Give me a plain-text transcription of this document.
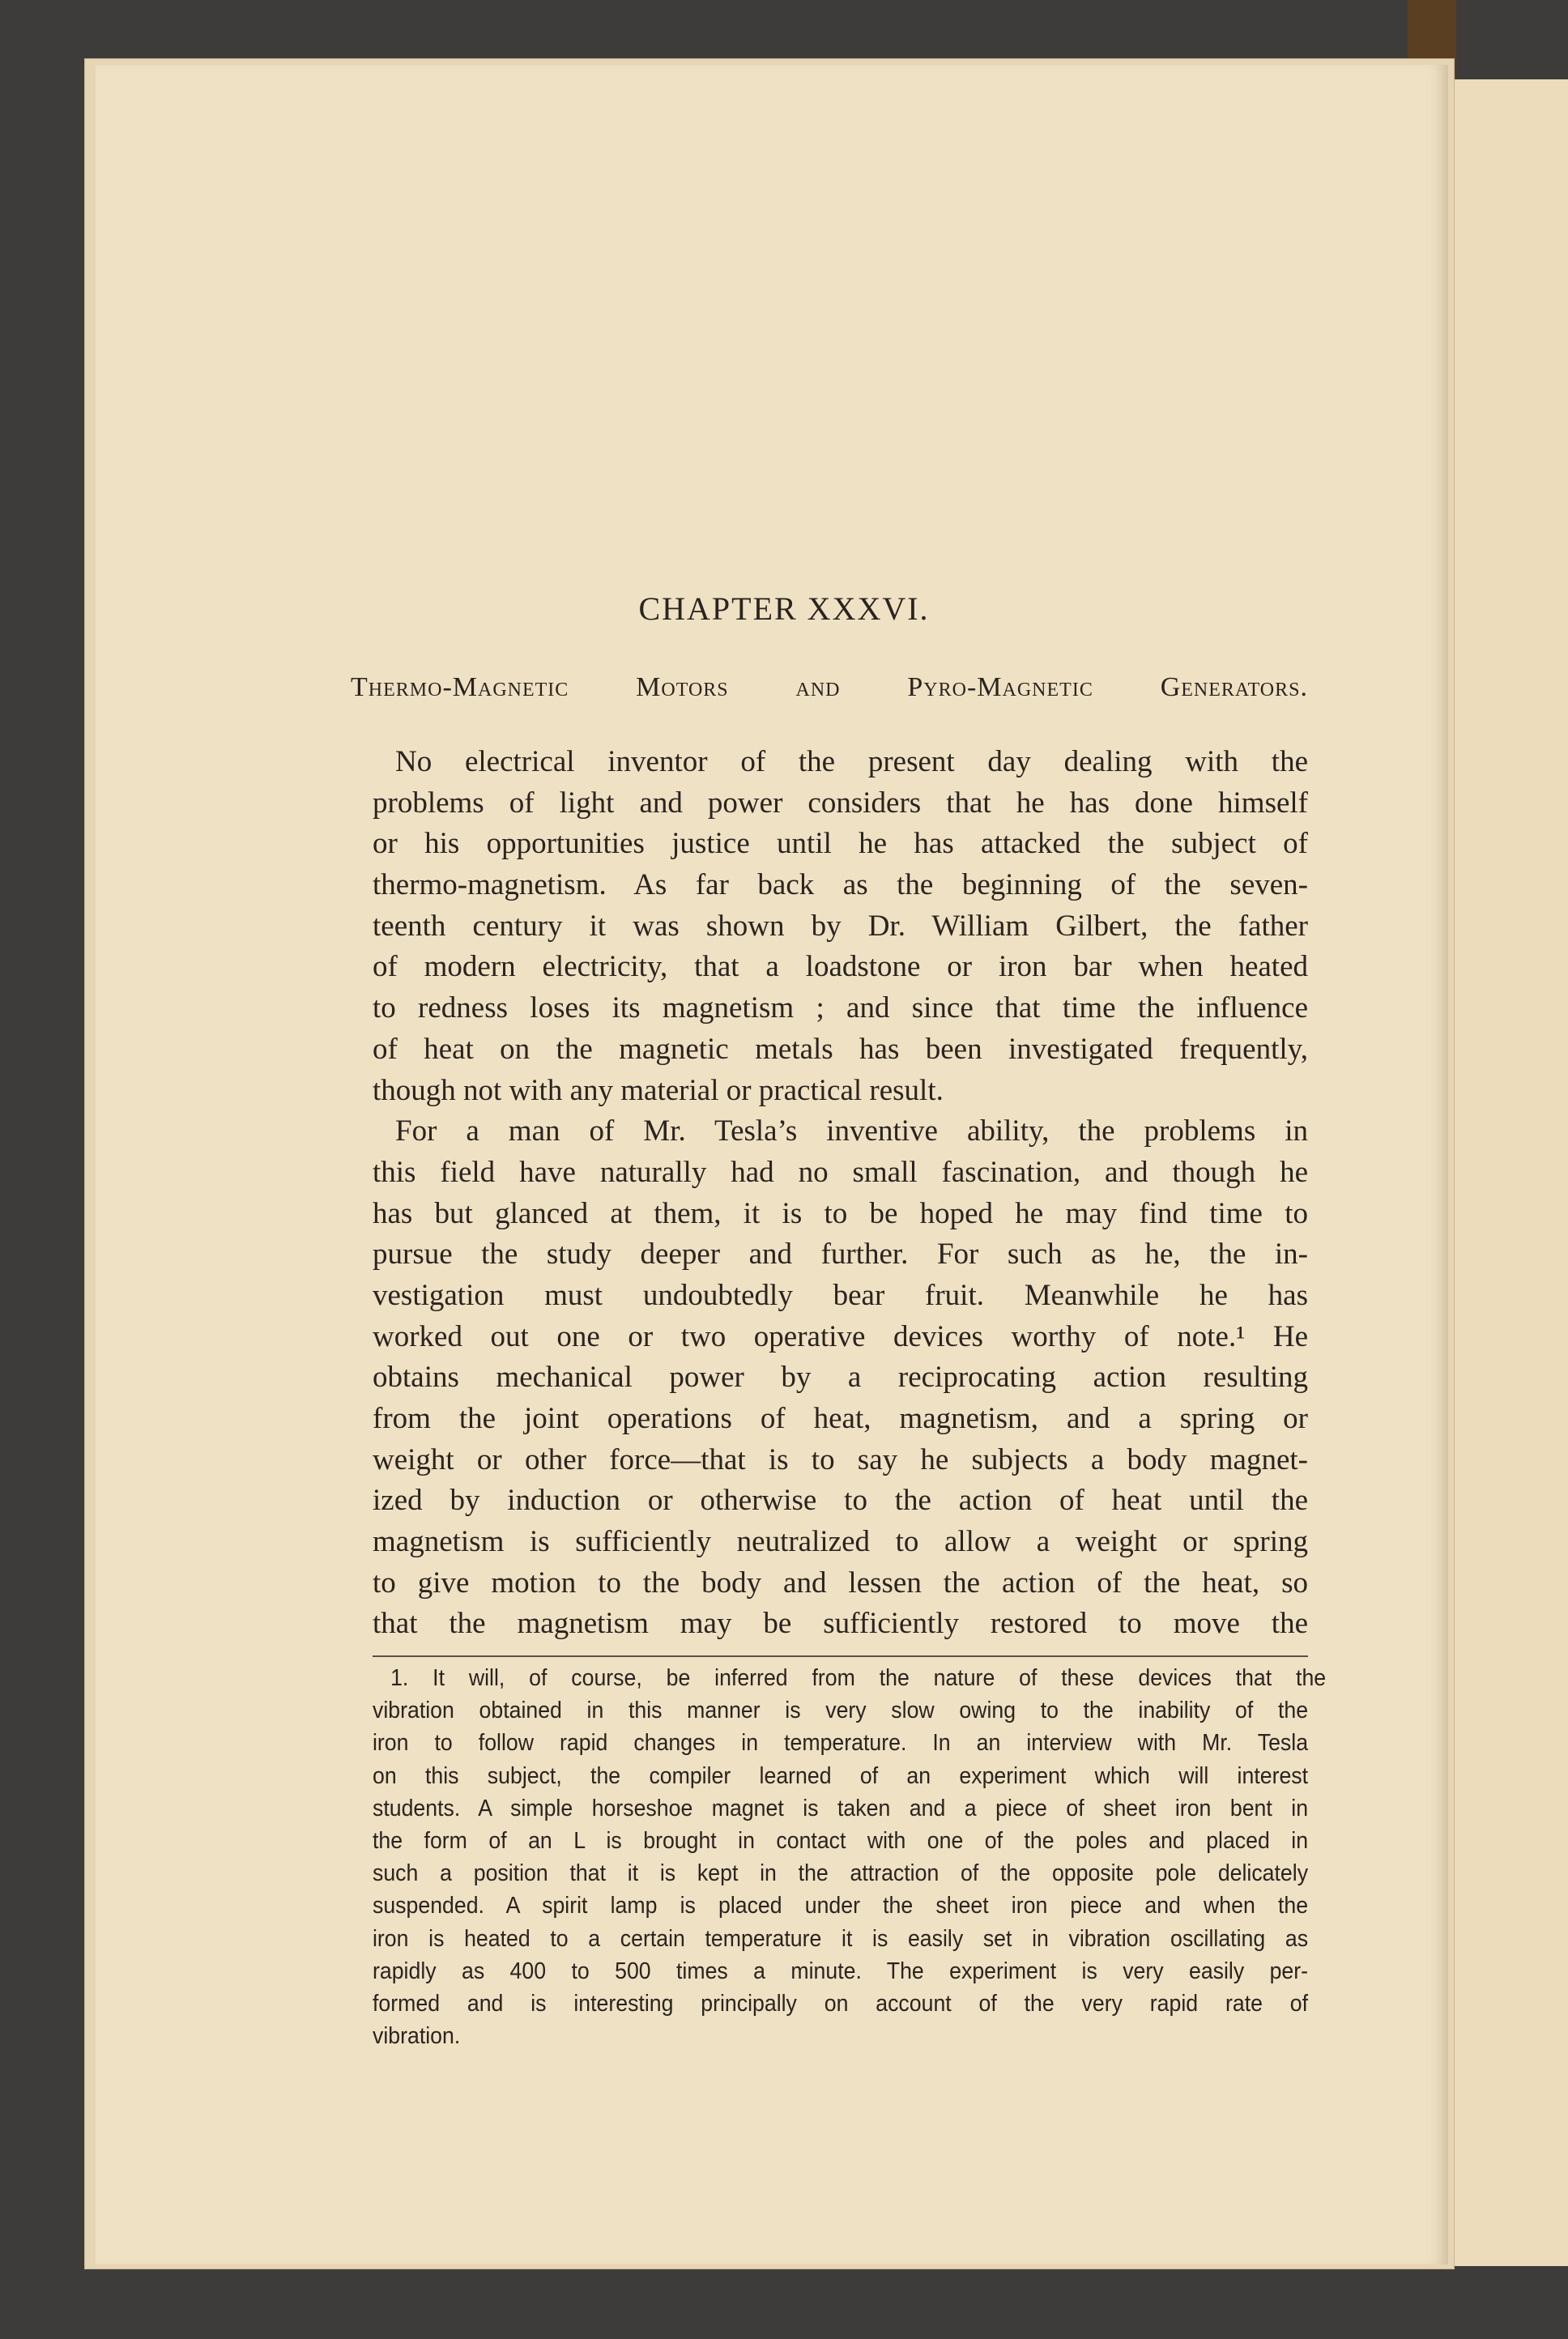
CHAPTER XXXVI.
Thermo-Magnetic Motors and Pyro-Magnetic Generators.
No electrical inventor of the present day dealing with the
problems of light and power considers that he has done himself
or his opportunities justice until he has attacked the subject of
thermo-magnetism. As far back as the beginning of the seven-
teenth century it was shown by Dr. William Gilbert, the father
of modern electricity, that a loadstone or iron bar when heated
to redness loses its magnetism ; and since that time the influence
of heat on the magnetic metals has been investigated frequently,
though not with any material or practical result.
For a man of Mr. Tesla’s inventive ability, the problems in
this field have naturally had no small fascination, and though he
has but glanced at them, it is to be hoped he may find time to
pursue the study deeper and further. For such as he, the in-
vestigation must undoubtedly bear fruit. Meanwhile he has
worked out one or two operative devices worthy of note.¹ He
obtains mechanical power by a reciprocating action resulting
from the joint operations of heat, magnetism, and a spring or
weight or other force—that is to say he subjects a body magnet-
ized by induction or otherwise to the action of heat until the
magnetism is sufficiently neutralized to allow a weight or spring
to give motion to the body and lessen the action of the heat, so
that the magnetism may be sufficiently restored to move the
1. It will, of course, be inferred from the nature of these devices that the
vibration obtained in this manner is very slow owing to the inability of the
iron to follow rapid changes in temperature. In an interview with Mr. Tesla
on this subject, the compiler learned of an experiment which will interest
students. A simple horseshoe magnet is taken and a piece of sheet iron bent in
the form of an L is brought in contact with one of the poles and placed in
such a position that it is kept in the attraction of the opposite pole delicately
suspended. A spirit lamp is placed under the sheet iron piece and when the
iron is heated to a certain temperature it is easily set in vibration oscillating as
rapidly as 400 to 500 times a minute. The experiment is very easily per-
formed and is interesting principally on account of the very rapid rate of
vibration.
